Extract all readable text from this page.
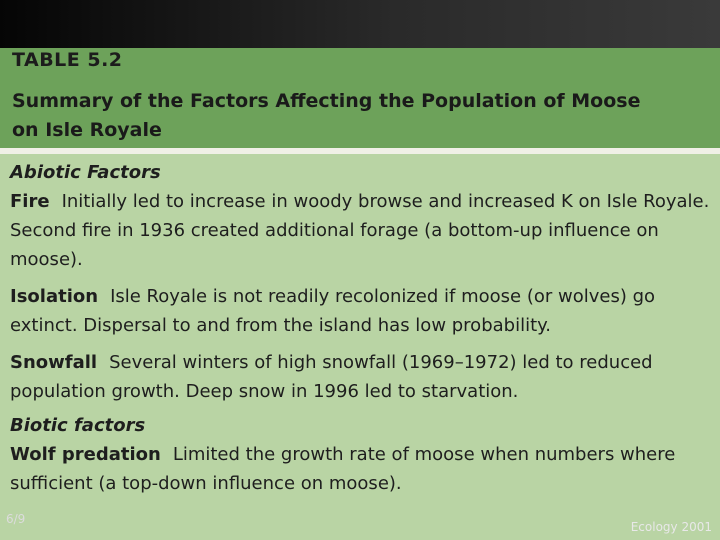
TABLE 5.2
Summary of the Factors Affecting the Population of Moose on Isle Royale

Abiotic Factors

Fire Initially led to increase in woody browse and increased K on Isle Royale. Second fire in 1936 created additional forage (a bottom-up influence on moose).

Isolation Isle Royale is not readily recolonized if moose (or wolves) go extinct. Dispersal to and from the island has low probability.

Snowfall Several winters of high snowfall (1969–1972) led to reduced population growth. Deep snow in 1996 led to starvation.

Biotic factors

Wolf predation Limited the growth rate of moose when numbers where sufficient (a top-down influence on moose).

6/9
Ecology 2001
